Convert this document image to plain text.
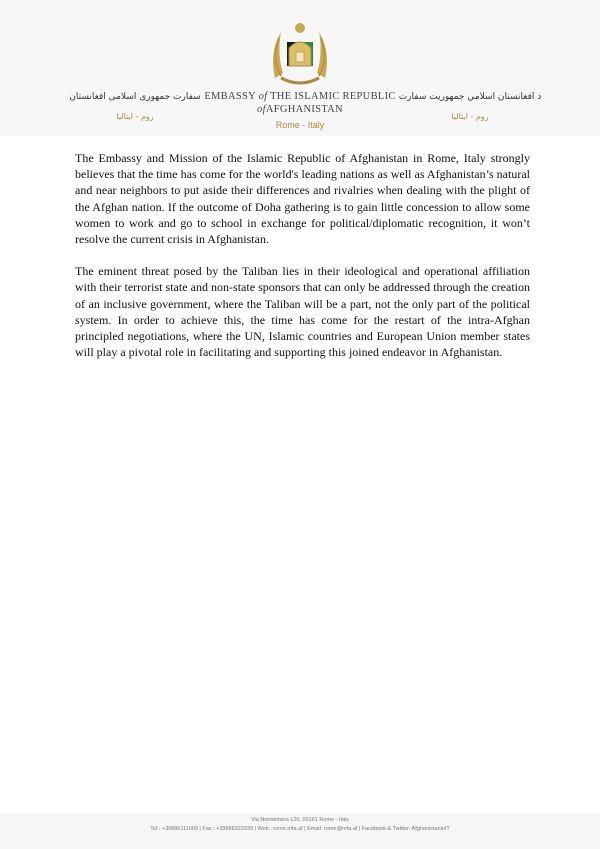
EMBASSY of THE ISLAMIC REPUBLIC
ofAFGHANISTAN
Rome - Italy
سفارت جمهوری اسلامی افغانستان
روم - ایتالیا
د افغانستان اسلامي جمهوريت سفارت
روم - ایتالیا

The Embassy and Mission of the Islamic Republic of Afghanistan in Rome, Italy strongly believes that the time has come for the world's leading nations as well as Afghanistan’s natural and near neighbors to put aside their differences and rivalries when dealing with the plight of the Afghan nation. If the outcome of Doha gathering is to gain little concession to allow some women to work and go to school in exchange for political/diplomatic recognition, it won’t resolve the current crisis in Afghanistan.

The eminent threat posed by the Taliban lies in their ideological and operational affiliation with their terrorist state and non-state sponsors that can only be addressed through the creation of an inclusive government, where the Taliban will be a part, not the only part of the political system. In order to achieve this, the time has come for the restart of the intra-Afghan principled negotiations, where the UN, Islamic countries and European Union member states will play a pivotal role in facilitating and supporting this joined endeavor in Afghanistan.

Via Nomentana 120, 00161 Rome - Italy
Tel.: +39686111009 | Fax.: +39686322939 | Web.: rome.mfa.af | Email: rome@mfa.af | Facebook & Twitter: AfghanistaninIT
